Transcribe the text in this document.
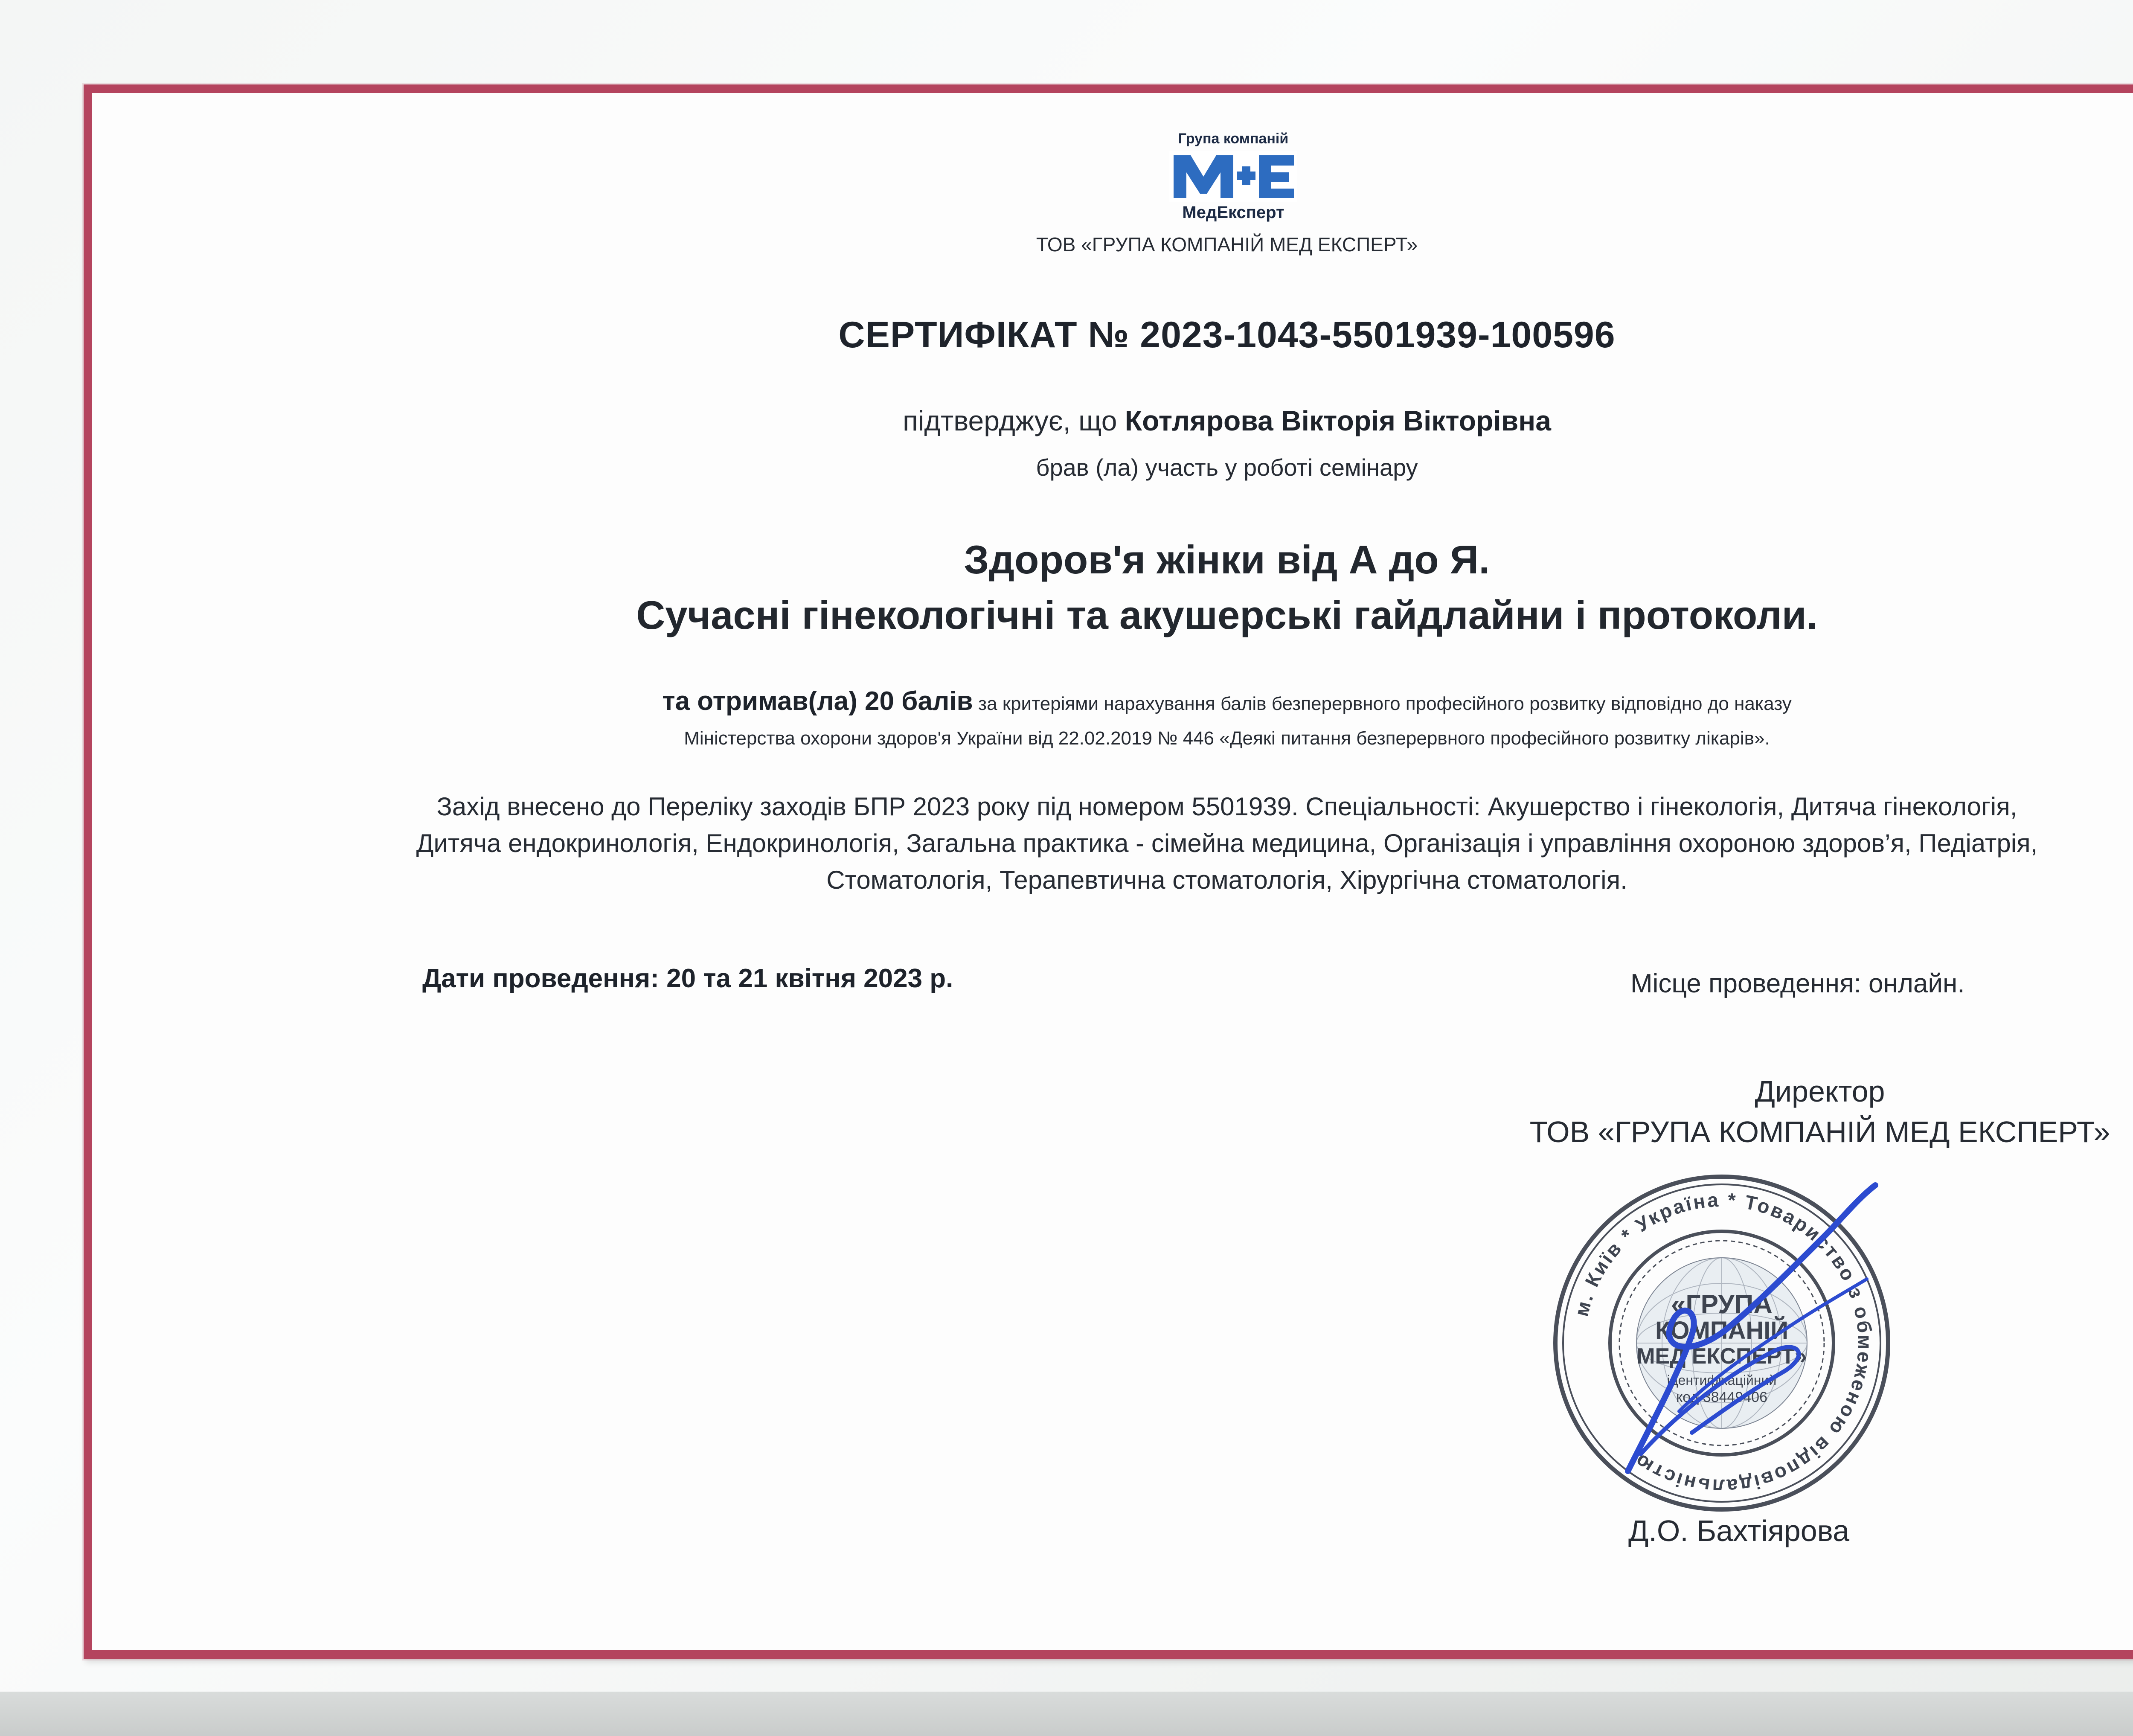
Група компаній
МедЕксперт
ТОВ «ГРУПА КОМПАНІЙ МЕД ЕКСПЕРТ»
СЕРТИФІКАТ № 2023-1043-5501939-100596
підтверджує, що Котлярова Вікторія Вікторівна
брав (ла) участь у роботі семінару
Здоров'я жінки від А до Я.
Сучасні гінекологічні та акушерські гайдлайни і протоколи.
та отримав(ла) 20 балів за критеріями нарахування балів безперервного професійного розвитку відповідно до наказу
Міністерства охорони здоров'я України від 22.02.2019 № 446 «Деякі питання безперервного професійного розвитку лікарів».
Захід внесено до Переліку заходів БПР 2023 року під номером 5501939. Спеціальності: Акушерство і гінекологія, Дитяча гінекологія,
Дитяча ендокринологія, Ендокринологія, Загальна практика - сімейна медицина, Організація і управління охороною здоров’я, Педіатрія,
Стоматологія, Терапевтична стоматологія, Хірургічна стоматологія.
Дати проведення: 20 та 21 квітня 2023 р.	Місце проведення: онлайн.
Директор
ТОВ «ГРУПА КОМПАНІЙ МЕД ЕКСПЕРТ»
м. Київ * Україна * Товариство з обмеженою відповідальністю
«ГРУПА
КОМПАНІЙ
МЕД ЕКСПЕРТ»
ідентифікаційний
код 38449406
Д.О. Бахтіярова
